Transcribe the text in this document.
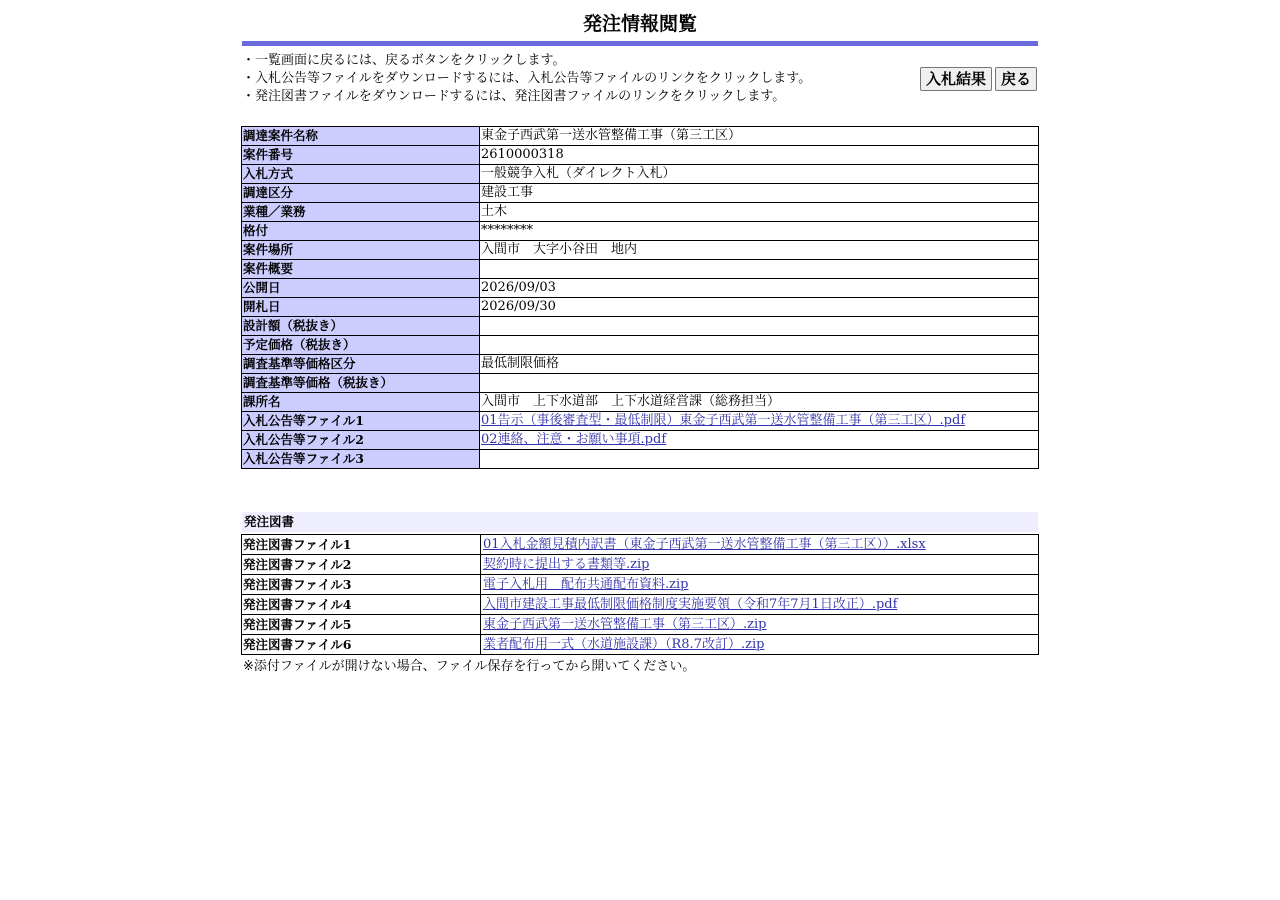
発注情報閲覧
・一覧画面に戻るには、戻るボタンをクリックします。
・入札公告等ファイルをダウンロードするには、入札公告等ファイルのリンクをクリックします。
・発注図書ファイルをダウンロードするには、発注図書ファイルのリンクをクリックします。
入札結果	戻る
調達案件名称	東金子西武第一送水管整備工事（第三工区）
案件番号	2610000318
入札方式	一般競争入札（ダイレクト入札）
調達区分	建設工事
業種／業務	土木
格付	********
案件場所	入間市　大字小谷田　地内
案件概要	
公開日	2026/09/03
開札日	2026/09/30
設計額（税抜き）	
予定価格（税抜き）	
調査基準等価格区分	最低制限価格
調査基準等価格（税抜き）	
課所名	入間市　上下水道部　上下水道経営課（総務担当）
入札公告等ファイル1	01告示（事後審査型・最低制限）東金子西武第一送水管整備工事（第三工区）.pdf
入札公告等ファイル2	02連絡、注意・お願い事項.pdf
入札公告等ファイル3	
発注図書
発注図書ファイル1	01入札金額見積内訳書（東金子西武第一送水管整備工事（第三工区））.xlsx
発注図書ファイル2	契約時に提出する書類等.zip
発注図書ファイル3	電子入札用　配布共通配布資料.zip
発注図書ファイル4	入間市建設工事最低制限価格制度実施要領（令和7年7月1日改正）.pdf
発注図書ファイル5	東金子西武第一送水管整備工事（第三工区）.zip
発注図書ファイル6	業者配布用一式（水道施設課）（R8.7改訂）.zip
※添付ファイルが開けない場合、ファイル保存を行ってから開いてください。
